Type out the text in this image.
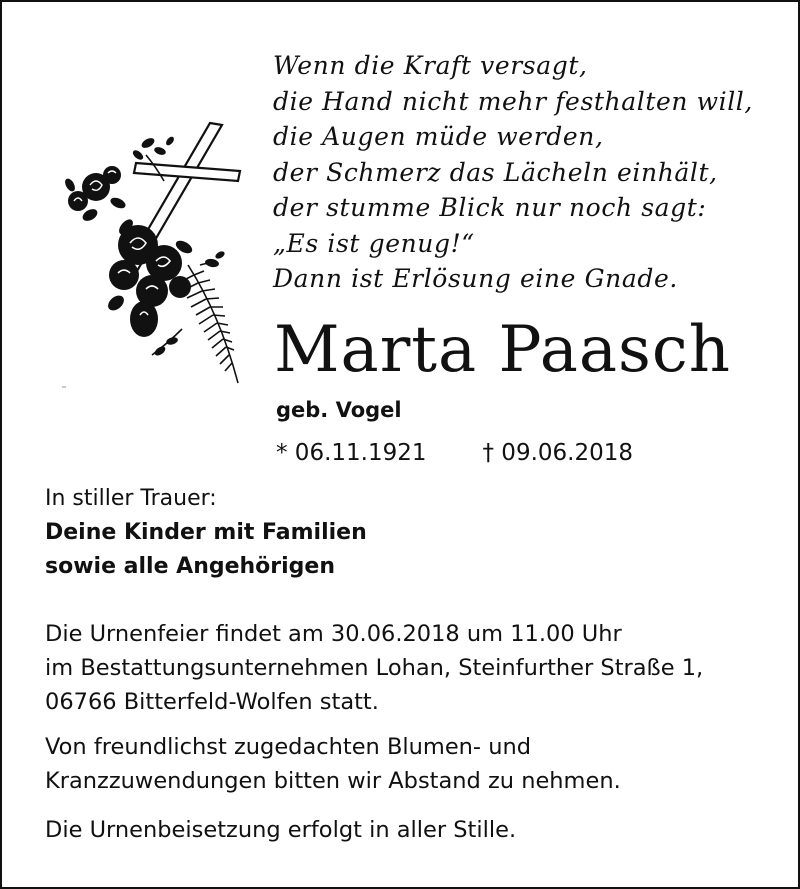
Wenn die Kraft versagt,
die Hand nicht mehr festhalten will,
die Augen müde werden,
der Schmerz das Lächeln einhält,
der stumme Blick nur noch sagt:
„Es ist genug!“
Dann ist Erlösung eine Gnade.
Marta Paasch
geb. Vogel
* 06.11.1921 † 09.06.2018
In stiller Trauer:
Deine Kinder mit Familien
sowie alle Angehörigen
Die Urnenfeier findet am 30.06.2018 um 11.00 Uhr
im Bestattungsunternehmen Lohan, Steinfurther Straße 1,
06766 Bitterfeld-Wolfen statt.
Von freundlichst zugedachten Blumen- und
Kranzzuwendungen bitten wir Abstand zu nehmen.
Die Urnenbeisetzung erfolgt in aller Stille.
